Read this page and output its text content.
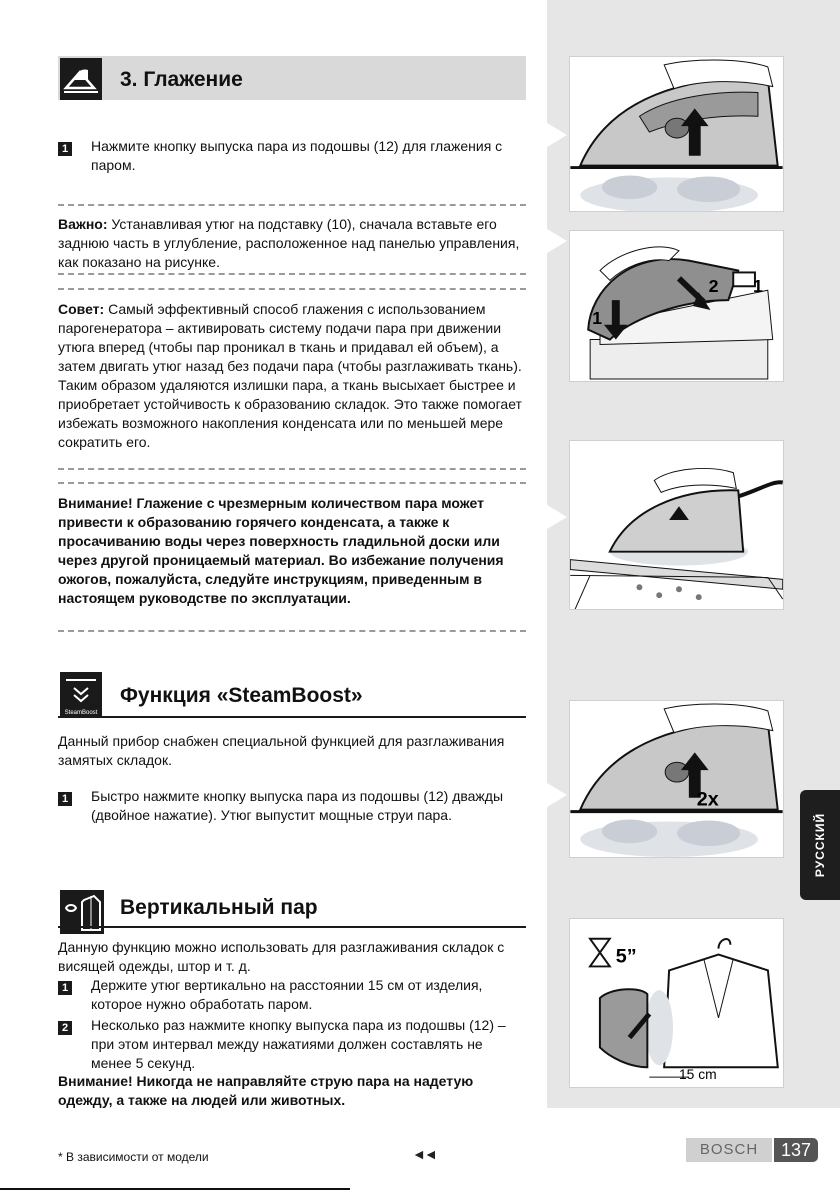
1
2 1
2x
5”
15 cm
РУССКИЙ
3. Глажение
1 Нажмите кнопку выпуска пара из подошвы (12) для глажения с паром.
Важно: Устанавливая утюг на подставку (10), сначала вставьте его заднюю часть в углубление, расположенное над панелью управления, как показано на рисунке.
Совет: Самый эффективный способ глажения с использованием парогенератора – активировать систему подачи пара при движении утюга вперед (чтобы пар проникал в ткань и придавал ей объем), а затем двигать утюг назад без подачи пара (чтобы разглаживать ткань). Таким образом удаляются излишки пара, а ткань высыхает быстрее и приобретает устойчивость к образованию складок. Это также помогает избежать возможного накопления конденсата или по меньшей мере сократить его.
Внимание! Глажение с чрезмерным количеством пара может привести к образованию горячего конденсата, а также к просачиванию воды через поверхность гладильной доски или через другой проницаемый материал. Во избежание получения ожогов, пожалуйста, следуйте инструкциям, приведенным в настоящем руководстве по эксплуатации.
SteamBoost
Функция «SteamBoost»
Данный прибор снабжен специальной функцией для разглаживания замятых складок.
1 Быстро нажмите кнопку выпуска пара из подошвы (12) дважды (двойное нажатие). Утюг выпустит мощные струи пара.
Вертикальный пар
Данную функцию можно использовать для разглаживания складок с висящей одежды, штор и т. д.
1 Держите утюг вертикально на расстоянии 15 см от изделия, которое нужно обработать паром.
2 Несколько раз нажмите кнопку выпуска пара из подошвы (12) – при этом интервал между нажатиями должен составлять не менее 5 секунд.
Внимание! Никогда не направляйте струю пара на надетую одежду, а также на людей или животных.
* В зависимости от модели	◄◄	BOSCH	137
